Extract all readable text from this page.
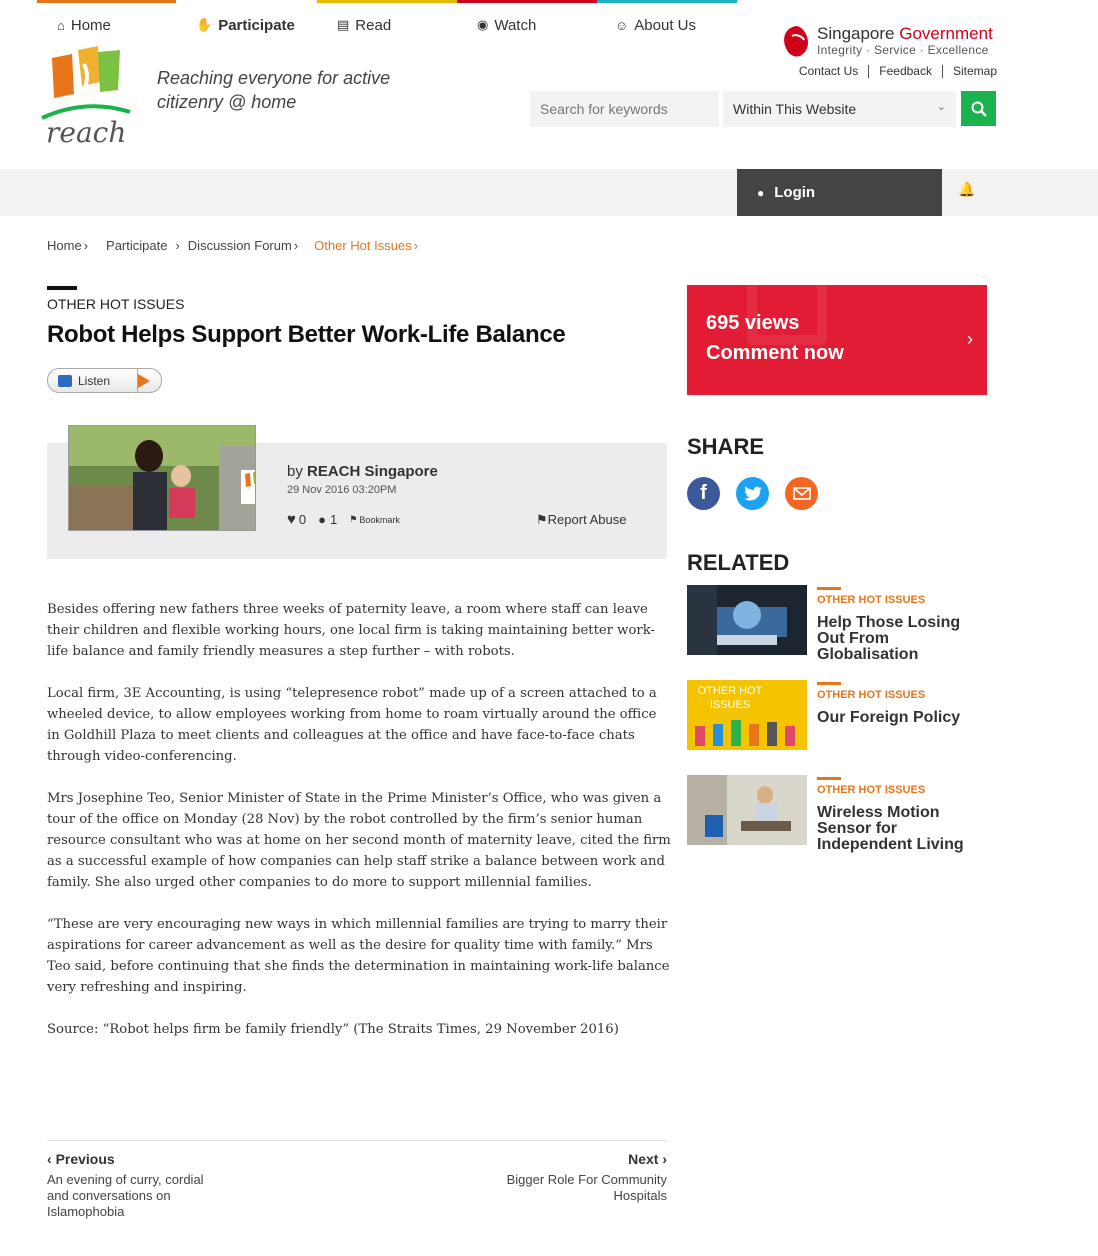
reach
Reaching everyone for active
citizenry @ home
Singapore Government
Integrity · Service · Excellence
Contact Us	Feedback	Sitemap
Search for keywords
Within This Website	⌄
⌂ Home	✋ Participate	▤ Read	◉ Watch	☺ About Us
● Login	🔔
Home › Participate › Discussion Forum › Other Hot Issues ›
OTHER HOT ISSUES
Robot Helps Support Better Work-Life Balance
Listen
by REACH Singapore
29 Nov 2016 03:20PM
♥ 0 ● 1 ⚑ Bookmark	⚑Report Abuse

Besides offering new fathers three weeks of paternity leave, a room where staff can leave their children and flexible working hours, one local firm is taking maintaining better work-life balance and family friendly measures a step further – with robots.

Local firm, 3E Accounting, is using “telepresence robot” made up of a screen attached to a wheeled device, to allow employees working from home to roam virtually around the office in Goldhill Plaza to meet clients and colleagues at the office and have face-to-face chats through video-conferencing.

Mrs Josephine Teo, Senior Minister of State in the Prime Minister’s Office, who was given a tour of the office on Monday (28 Nov) by the robot controlled by the firm’s senior human resource consultant who was at home on her second month of maternity leave, cited the firm as a successful example of how companies can help staff strike a balance between work and family. She also urged other companies to do more to support millennial families.

“These are very encouraging new ways in which millennial families are trying to marry their aspirations for career advancement as well as the desire for quality time with family.” Mrs Teo said, before continuing that she finds the determination in maintaining work-life balance very refreshing and inspiring.

Source: “Robot helps firm be family friendly” (The Straits Times, 29 November 2016)

‹ Previous
An evening of curry, cordial and conversations on Islamophobia
Next ›
Bigger Role For Community Hospitals
695 views
Comment now
›
SHARE
f
RELATED
OTHER HOT ISSUES
Help Those Losing Out From Globalisation
OTHER HOT ISSUES
OTHER HOT ISSUES
Our Foreign Policy
OTHER HOT ISSUES
Wireless Motion Sensor for Independent Living
